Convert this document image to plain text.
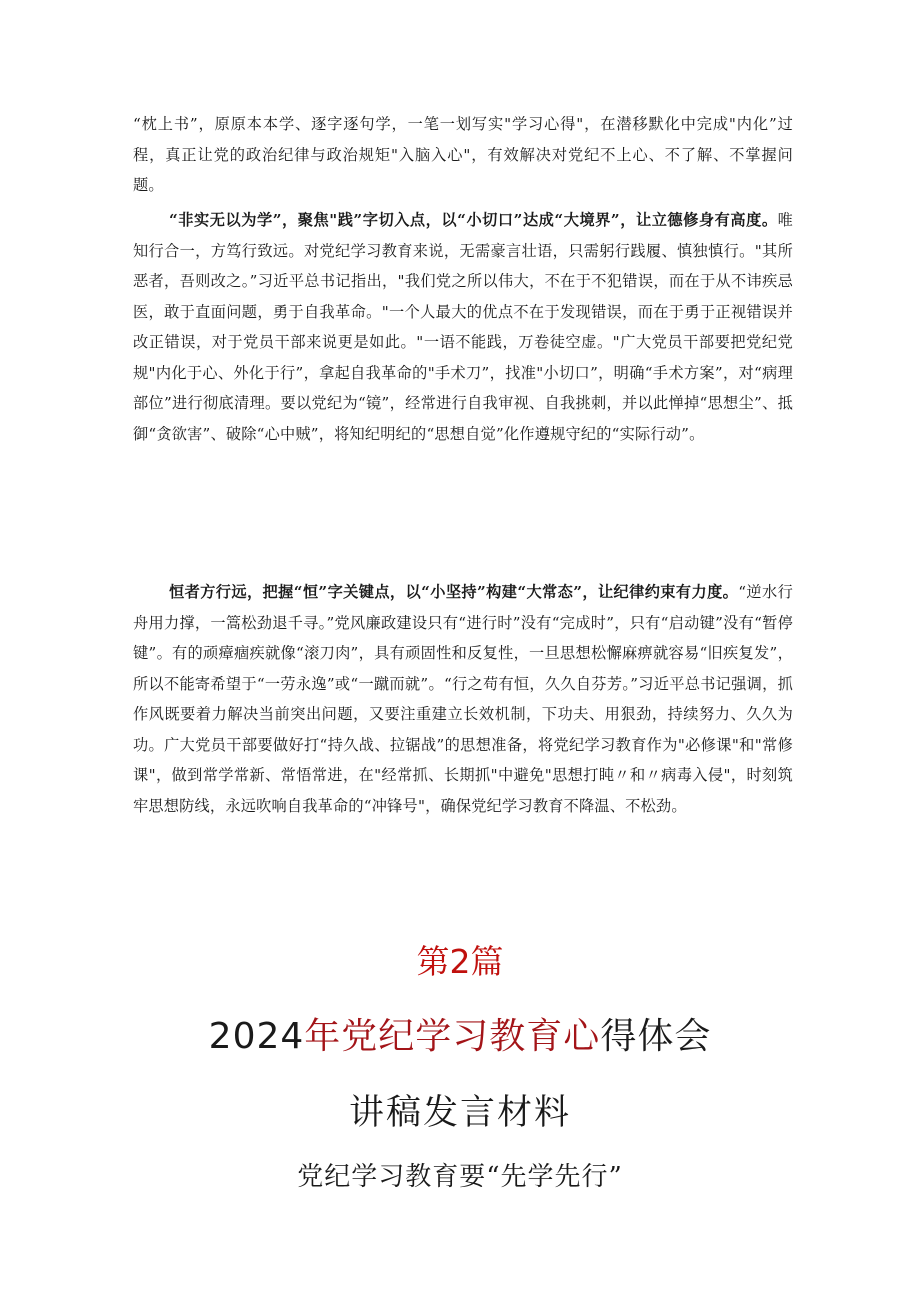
“枕上书”，原原本本学、逐字逐句学，一笔一划写实"学习心得"，在潜移默化中完成"内化”过程，真正让党的政治纪律与政治规矩"入脑入心"，有效解决对党纪不上心、不了解、不掌握问题。

“非实无以为学”，聚焦"践”字切入点，以“小切口”达成“大境界”，让立德修身有高度。唯知行合一，方笃行致远。对党纪学习教育来说，无需豪言壮语，只需躬行践履、慎独慎行。"其所恶者，吾则改之。”习近平总书记指出，"我们党之所以伟大，不在于不犯错误，而在于从不讳疾忌医，敢于直面问题，勇于自我革命。"一个人最大的优点不在于发现错误，而在于勇于正视错误并改正错误，对于党员干部来说更是如此。"一语不能践，万卷徒空虚。"广大党员干部要把党纪党规"内化于心、外化于行”，拿起自我革命的"手术刀”，找准"小切口”，明确“手术方案”，对“病理部位”进行彻底清理。要以党纪为“镜”，经常进行自我审视、自我挑刺，并以此惮掉“思想尘”、抵御“贪欲害”、破除“心中贼”，将知纪明纪的“思想自觉”化作遵规守纪的“实际行动”。

恒者方行远，把握“恒”字关键点，以“小坚持”构建“大常态”，让纪律约束有力度。“逆水行舟用力撑，一篙松劲退千寻。”党风廉政建设只有“进行时”没有“完成时”，只有“启动键”没有“暂停键”。有的顽瘴痼疾就像“滚刀肉”，具有顽固性和反复性，一旦思想松懈麻痹就容易“旧疾复发”，所以不能寄希望于“一劳永逸”或“一蹴而就”。“行之苟有恒，久久自芬芳。”习近平总书记强调，抓作风既要着力解决当前突出问题，又要注重建立长效机制，下功夫、用狠劲，持续努力、久久为功。广大党员干部要做好打“持久战、拉锯战”的思想准备，将党纪学习教育作为"必修课"和"常修课"，做到常学常新、常悟常进，在"经常抓、长期抓"中避免"思想打盹〃和〃病毒入侵"，时刻筑牢思想防线，永远吹响自我革命的“冲锋号"，确保党纪学习教育不降温、不松劲。

第2篇
2024年党纪学习教育心得体会
讲稿发言材料
党纪学习教育要“先学先行”
